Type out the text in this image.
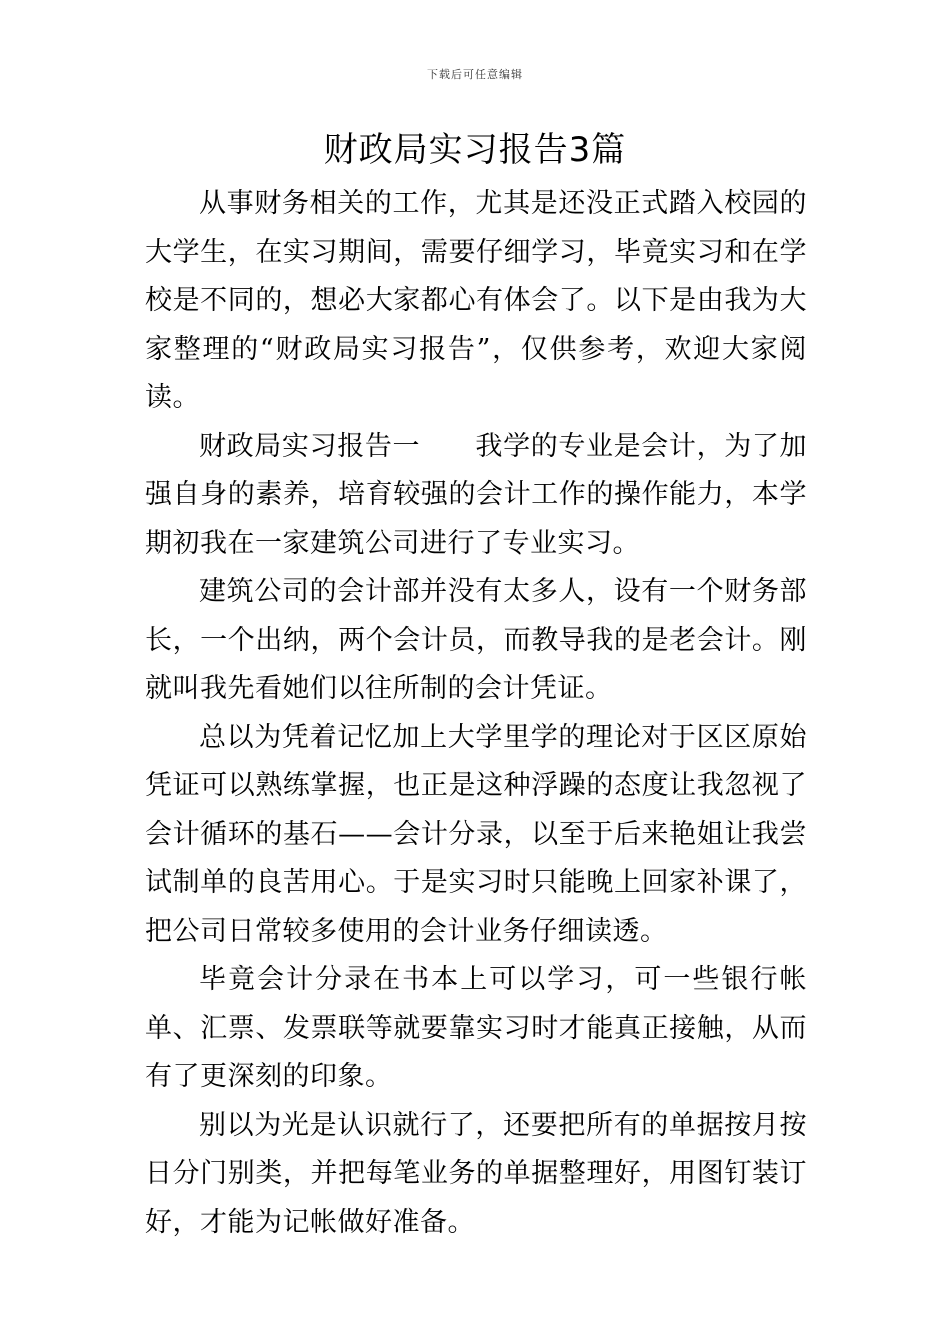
下载后可任意编辑
财政局实习报告3篇

从事财务相关的工作，尤其是还没正式踏入校园的大学生，在实习期间，需要仔细学习，毕竟实习和在学校是不同的，想必大家都心有体会了。以下是由我为大家整理的“财政局实习报告”，仅供参考，欢迎大家阅读。

财政局实习报告一　　我学的专业是会计，为了加强自身的素养，培育较强的会计工作的操作能力，本学期初我在一家建筑公司进行了专业实习。

建筑公司的会计部并没有太多人，设有一个财务部长，一个出纳，两个会计员，而教导我的是老会计。刚就叫我先看她们以往所制的会计凭证。

总以为凭着记忆加上大学里学的理论对于区区原始凭证可以熟练掌握，也正是这种浮躁的态度让我忽视了会计循环的基石——会计分录，以至于后来艳姐让我尝试制单的良苦用心。于是实习时只能晚上回家补课了，把公司日常较多使用的会计业务仔细读透。

毕竟会计分录在书本上可以学习，可一些银行帐单、汇票、发票联等就要靠实习时才能真正接触，从而有了更深刻的印象。

别以为光是认识就行了，还要把所有的单据按月按日分门别类，并把每笔业务的单据整理好，用图钉装订好，才能为记帐做好准备。
